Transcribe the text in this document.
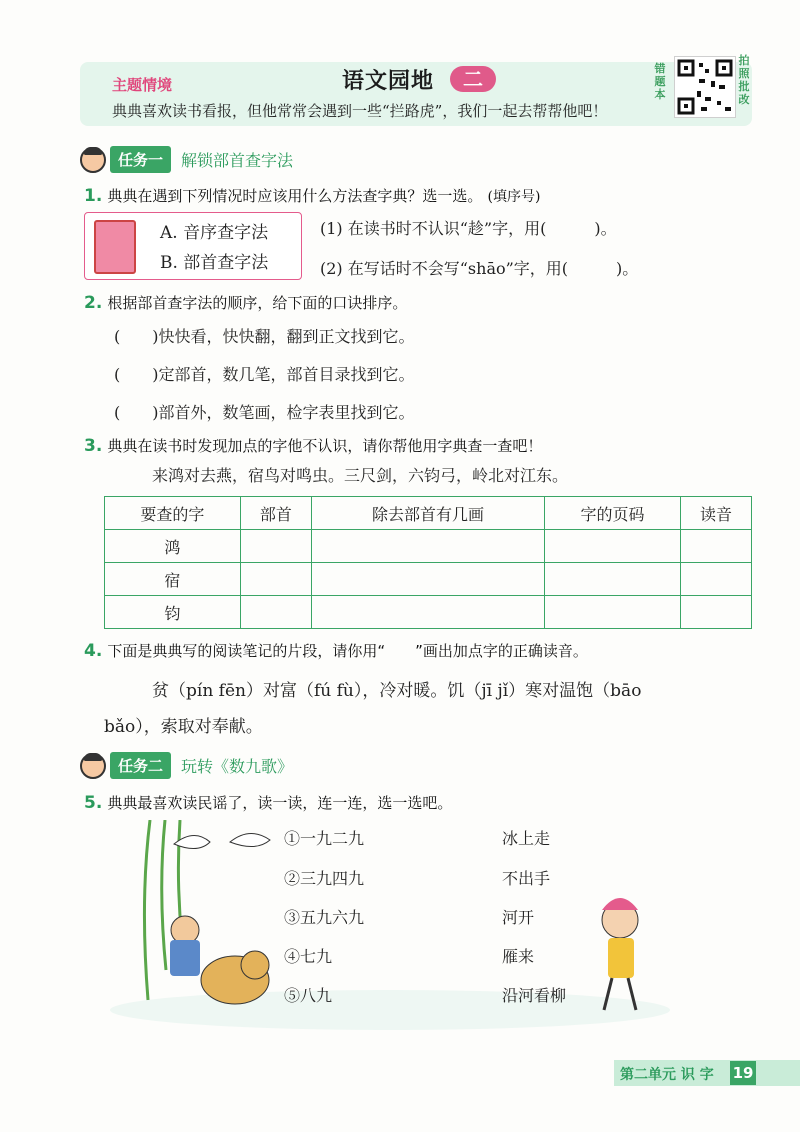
主题情境
典典喜欢读书看报，但他常常会遇到一些“拦路虎”，我们一起去帮帮他吧！
语文园地	二	错题本
拍照批改
任务一	解锁部首查字法
1. 典典在遇到下列情况时应该用什么方法查字典？选一选。 (填序号)
A. 音序查字法
B. 部首查字法
(1) 在读书时不认识“趁”字，用(　　　)。
(2) 在写话时不会写“shāo”字，用(　　　)。
2. 根据部首查字法的顺序，给下面的口诀排序。
(　　)快快看，快快翻，翻到正文找到它。
(　　)定部首，数几笔，部首目录找到它。
(　　)部首外，数笔画，检字表里找到它。
3. 典典在读书时发现加点的字他不认识，请你帮他用字典查一查吧！
来鸿对去燕，宿鸟对鸣虫。三尺剑，六钧弓，岭北对江东。
要查的字	部首	除去部首有几画	字的页码	读音
鸿				
宿				
钧				
4. 下面是典典写的阅读笔记的片段，请你用“　　”画出加点字的正确读音。
贫（pín fēn）对富（fú fù），冷对暖。饥（jī jǐ）寒对温饱（bāo
bǎo），索取对奉献。
任务二	玩转《数九歌》
5. 典典最喜欢读民谣了，读一读，连一连，选一选吧。
①一九二九
②三九四九
③五九六九
④七九
⑤八九
冰上走
不出手
河开
雁来
沿河看柳
第二单元 识 字 19
